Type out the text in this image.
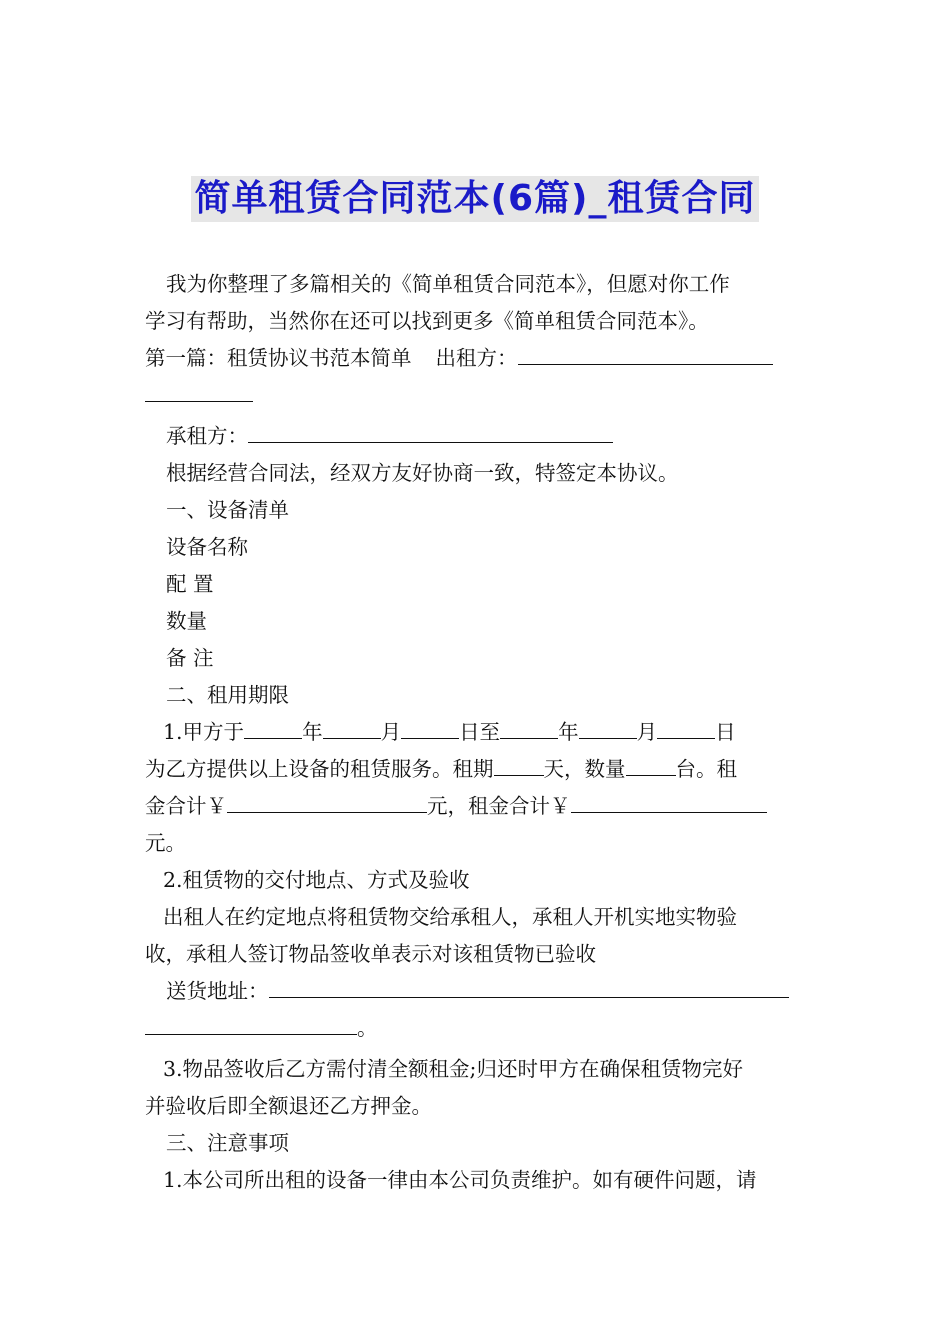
简单租赁合同范本(6篇)_租赁合同

我为你整理了多篇相关的《简单租赁合同范本》，但愿对你工作

学习有帮助，当然你在还可以找到更多《简单租赁合同范本》。

第一篇：租赁协议书范本简单 出租方：

承租方：

根据经营合同法，经双方友好协商一致，特签定本协议。

一、设备清单

设备名称

配 置

数量

备 注

二、租用期限

1.甲方于	年	月	日至	年	月	日

为乙方提供以上设备的租赁服务。租期 天，数量 台。租

金合计￥	元，租金合计￥

元。

2.租赁物的交付地点、方式及验收

出租人在约定地点将租赁物交给承租人，承租人开机实地实物验

收，承租人签订物品签收单表示对该租赁物已验收

送货地址：

。

3.物品签收后乙方需付清全额租金;归还时甲方在确保租赁物完好

并验收后即全额退还乙方押金。

三、注意事项

1.本公司所出租的设备一律由本公司负责维护。如有硬件问题，请
